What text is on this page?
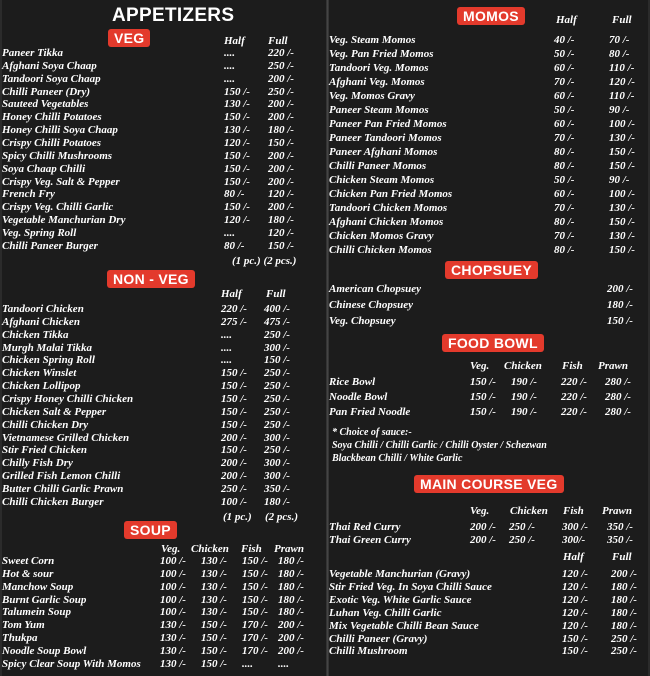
APPETIZERS
VEG	Half Full
Paneer Tikka	....	220 /-
Afghani Soya Chaap	....	250 /-
Tandoori Soya Chaap	....	200 /-
Chilli Paneer (Dry)	150 /- 250 /-
Sauteed Vegetables	130 /- 200 /-
Honey Chilli Potatoes	150 /- 200 /-
Honey Chilli Soya Chaap	130 /- 180 /-
Crispy Chilli Potatoes	120 /- 150 /-
Spicy Chilli Mushrooms	150 /- 200 /-
Soya Chaap Chilli	150 /- 200 /-
Crispy Veg. Salt & Pepper	150 /- 200 /-
French Fry	80 /- 120 /-
Crispy Veg. Chilli Garlic	150 /- 200 /-
Vegetable Manchurian Dry	120 /- 180 /-
Veg. Spring Roll	....	120 /-
Chilli Paneer Burger	80 /- 150 /-
(1 pc.) (2 pcs.)
NON - VEG
Half Full
Tandoori Chicken	220 /- 400 /-
Afghani Chicken	275 /- 475 /-
Chicken Tikka	....	250 /-
Murgh Malai Tikka	....	300 /-
Chicken Spring Roll	....	150 /-
Chicken Winslet	150 /- 250 /-
Chicken Lollipop	150 /- 250 /-
Crispy Honey Chilli Chicken	150 /- 250 /-
Chicken Salt & Pepper	150 /- 250 /-
Chilli Chicken Dry	150 /- 250 /-
Vietnamese Grilled Chicken	200 /- 300 /-
Stir Fried Chicken	150 /- 250 /-
Chilly Fish Dry	200 /- 300 /-
Grilled Fish Lemon Chilli	200 /- 300 /-
Butter Chilli Garlic Prawn	250 /- 350 /-
Chilli Chicken Burger	100 /- 180 /-
(1 pc.) (2 pcs.)
SOUP
Veg. Chicken Fish Prawn
Sweet Corn	100 /- 130 /- 150 /- 180 /-
Hot & sour	100 /- 130 /- 150 /- 180 /-
Manchow Soup	100 /- 130 /- 150 /- 180 /-
Burnt Garlic Soup	100 /- 130 /- 150 /- 180 /-
Talumein Soup	100 /- 130 /- 150 /- 180 /-
Tom Yum	130 /- 150 /- 170 /- 200 /-
Thukpa	130 /- 150 /- 170 /- 200 /-
Noodle Soup Bowl	130 /- 150 /- 170 /- 200 /-
Spicy Clear Soup With Momos 130 /- 150 /- .... ....
MOMOS	Half	Full
Veg. Steam Momos	40 /-	70 /-
Veg. Pan Fried Momos	50 /-	80 /-
Tandoori Veg. Momos	60 /-	110 /-
Afghani Veg. Momos	70 /-	120 /-
Veg. Momos Gravy	60 /-	110 /-
Paneer Steam Momos	50 /-	90 /-
Paneer Pan Fried Momos	60 /-	100 /-
Paneer Tandoori Momos	70 /-	130 /-
Paneer Afghani Momos	80 /-	150 /-
Chilli Paneer Momos	80 /-	150 /-
Chicken Steam Momos	50 /-	90 /-
Chicken Pan Fried Momos	60 /-	100 /-
Tandoori Chicken Momos	70 /-	130 /-
Afghani Chicken Momos	80 /-	150 /-
Chicken Momos Gravy	70 /-	130 /-
Chilli Chicken Momos	80 /-	150 /-
CHOPSUEY
American Chopsuey	200 /-
Chinese Chopsuey	180 /-
Veg. Chopsuey	150 /-
FOOD BOWL
Veg. Chicken Fish Prawn
Rice Bowl	150 /- 190 /- 220 /- 280 /-
Noodle Bowl	150 /- 190 /- 220 /- 280 /-
Pan Fried Noodle	150 /- 190 /- 220 /- 280 /-
* Choice of sauce:-
Soya Chilli / Chilli Garlic / Chilli Oyster / Schezwan
Blackbean Chilli / White Garlic
MAIN COURSE VEG
Veg. Chicken Fish Prawn
Thai Red Curry	200 /- 250 /- 300 /- 350 /-
Thai Green Curry	200 /- 250 /- 300/- 350 /-
Half	Full
Vegetable Manchurian (Gravy)	120 /- 200 /-
Stir Fried Veg. In Soya Chilli Sauce	120 /- 180 /-
Exotic Veg. White Garlic Sauce	120 /- 180 /-
Luhan Veg. Chilli Garlic	120 /- 180 /-
Mix Vegetable Chilli Bean Sauce	120 /- 180 /-
Chilli Paneer (Gravy)	150 /- 250 /-
Chilli Mushroom	150 /- 250 /-
